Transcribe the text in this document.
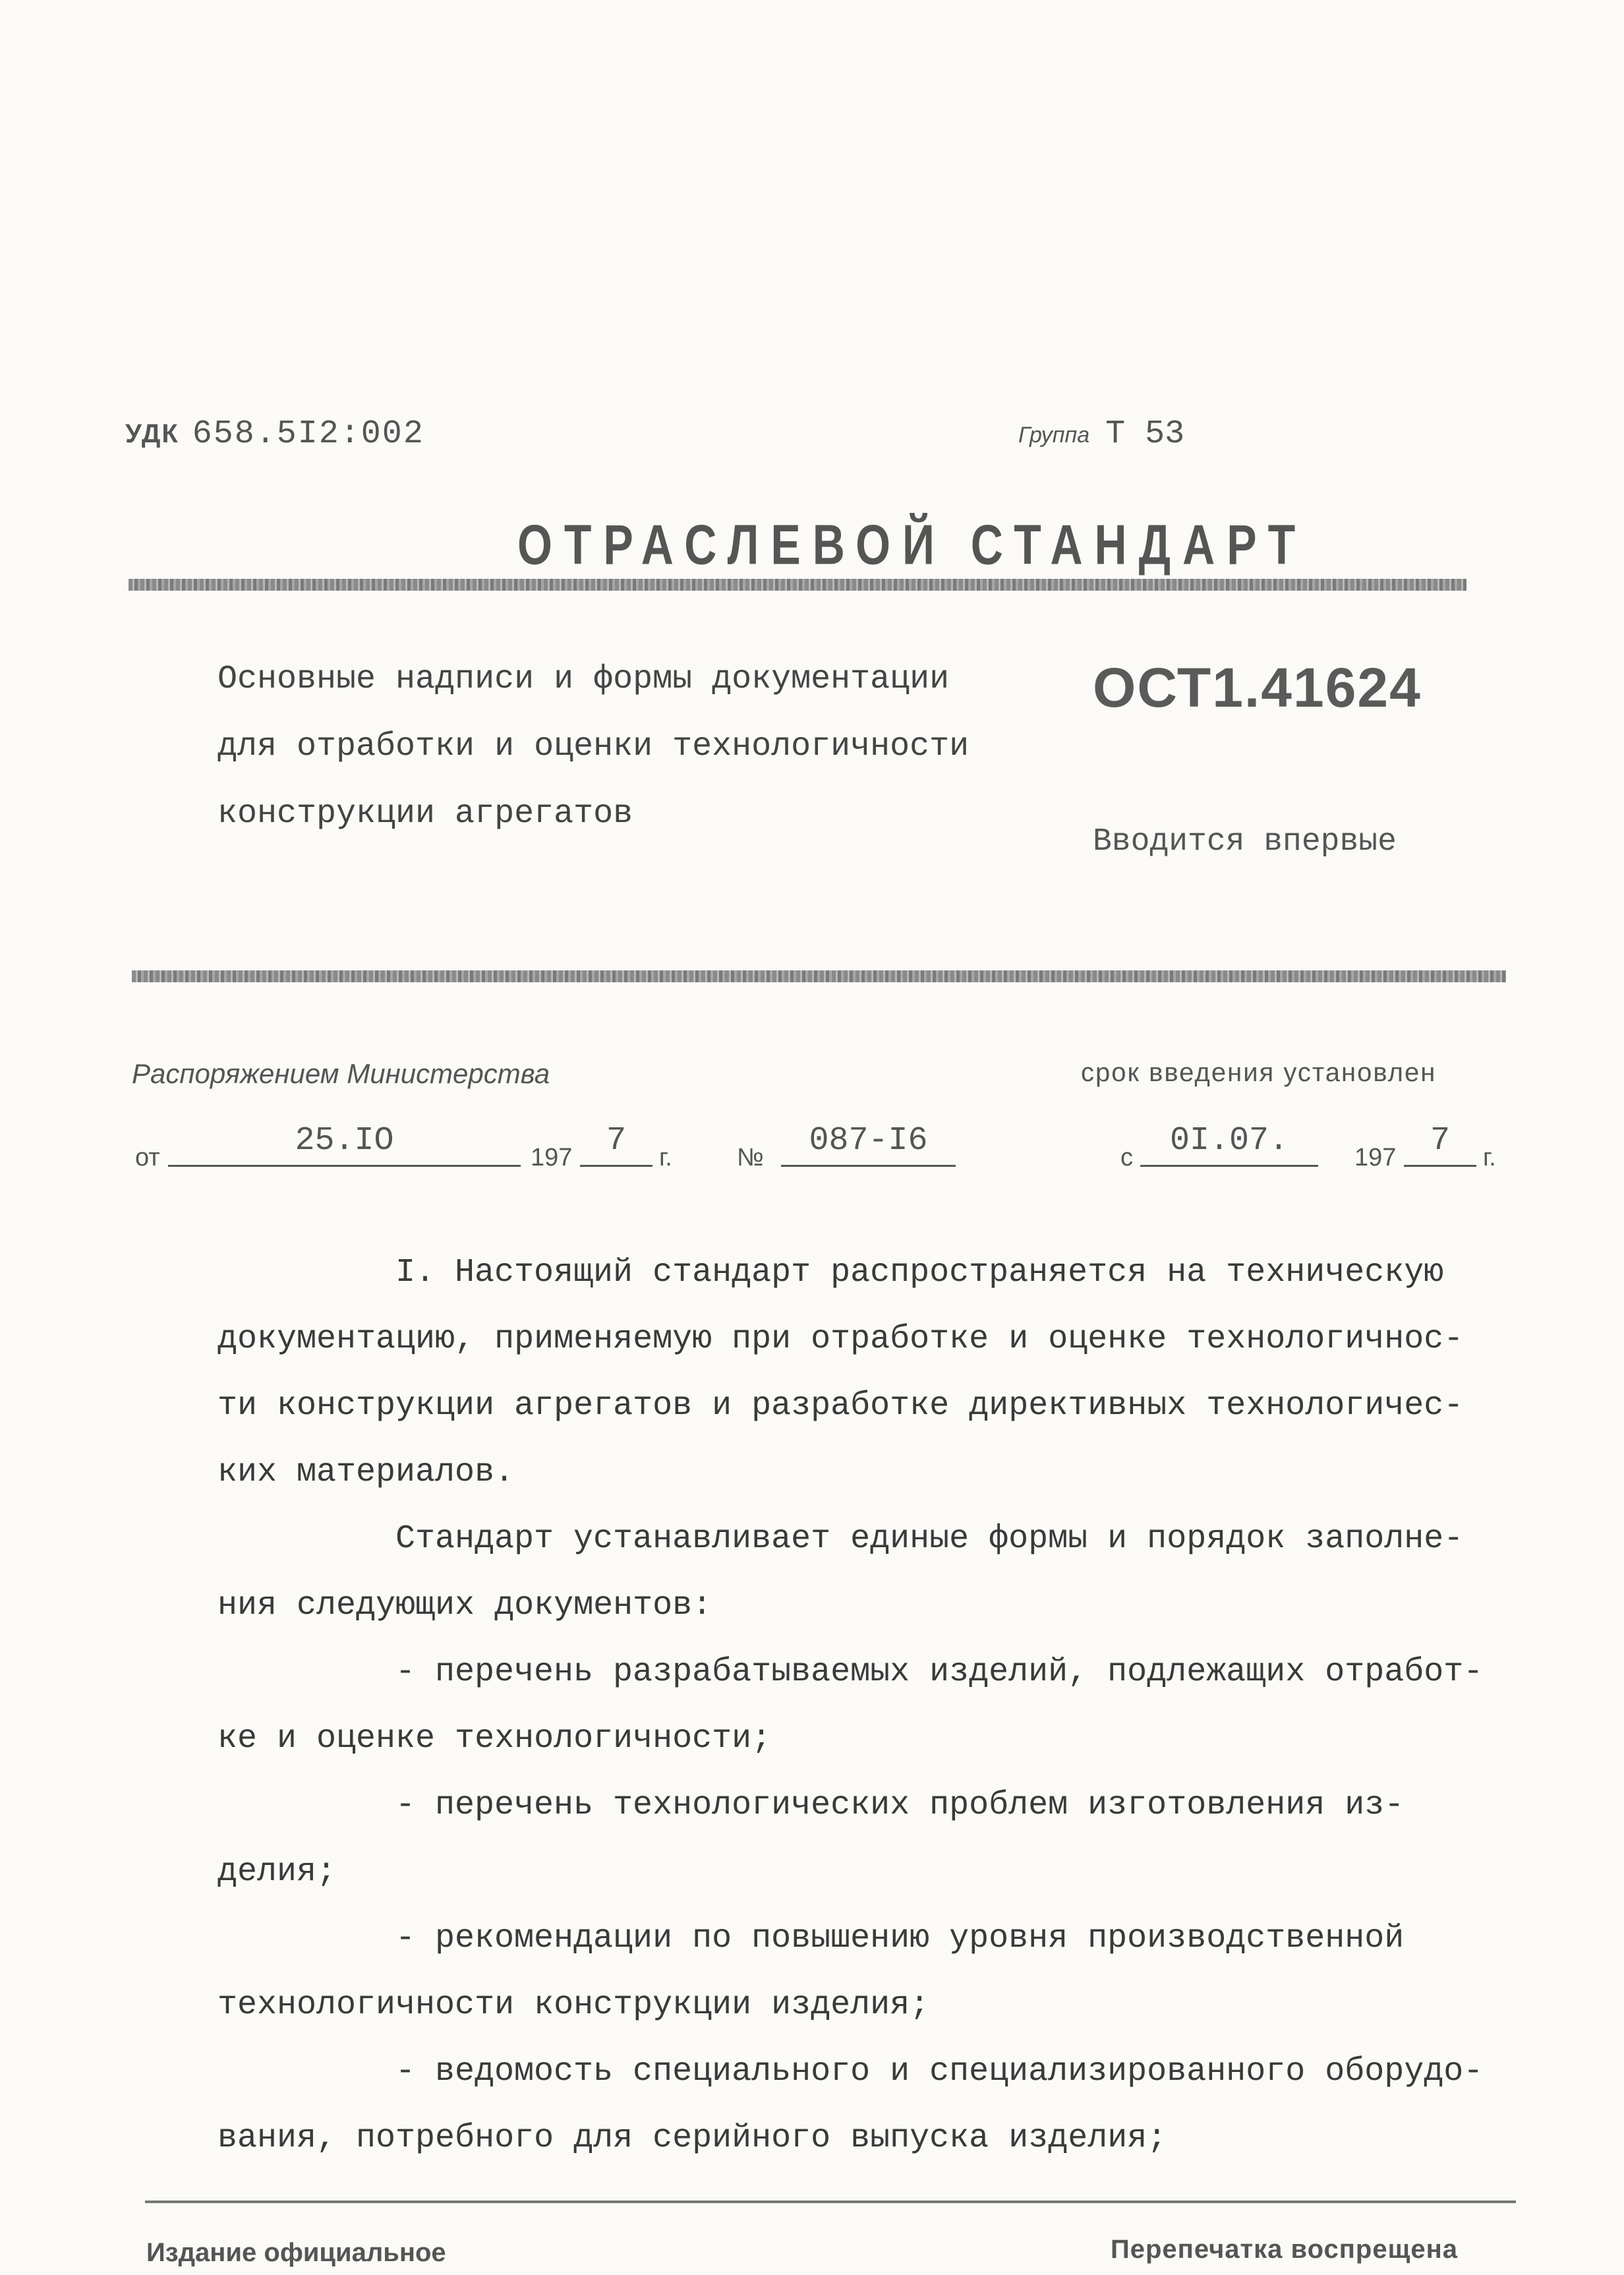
УДК 658.5I2:002	Группа Т 53
ОТРАСЛЕВОЙ СТАНДАРТ
Основные надписи и формы документации
для отработки и оценки технологичности
конструкции агрегатов
ОСТ1.41624
Вводится впервые
Распоряжением Министерства	срок введения установлен
от	25.IO	197	7	г.	№	087-I6	с	0I.07.	197	7	г.

I. Настоящий стандарт распространяется на техническую

документацию, применяемую при отработке и оценке технологичнос-

ти конструкции агрегатов и разработке директивных технологичес-

ких материалов.

Стандарт устанавливает единые формы и порядок заполне-

ния следующих документов:

- перечень разрабатываемых изделий, подлежащих отработ-

ке и оценке технологичности;

- перечень технологических проблем изготовления из-

делия;

- рекомендации по повышению уровня производственной

технологичности конструкции изделия;

- ведомость специального и специализированного оборудо-

вания, потребного для серийного выпуска изделия;

Издание официальное	Перепечатка воспрещена
